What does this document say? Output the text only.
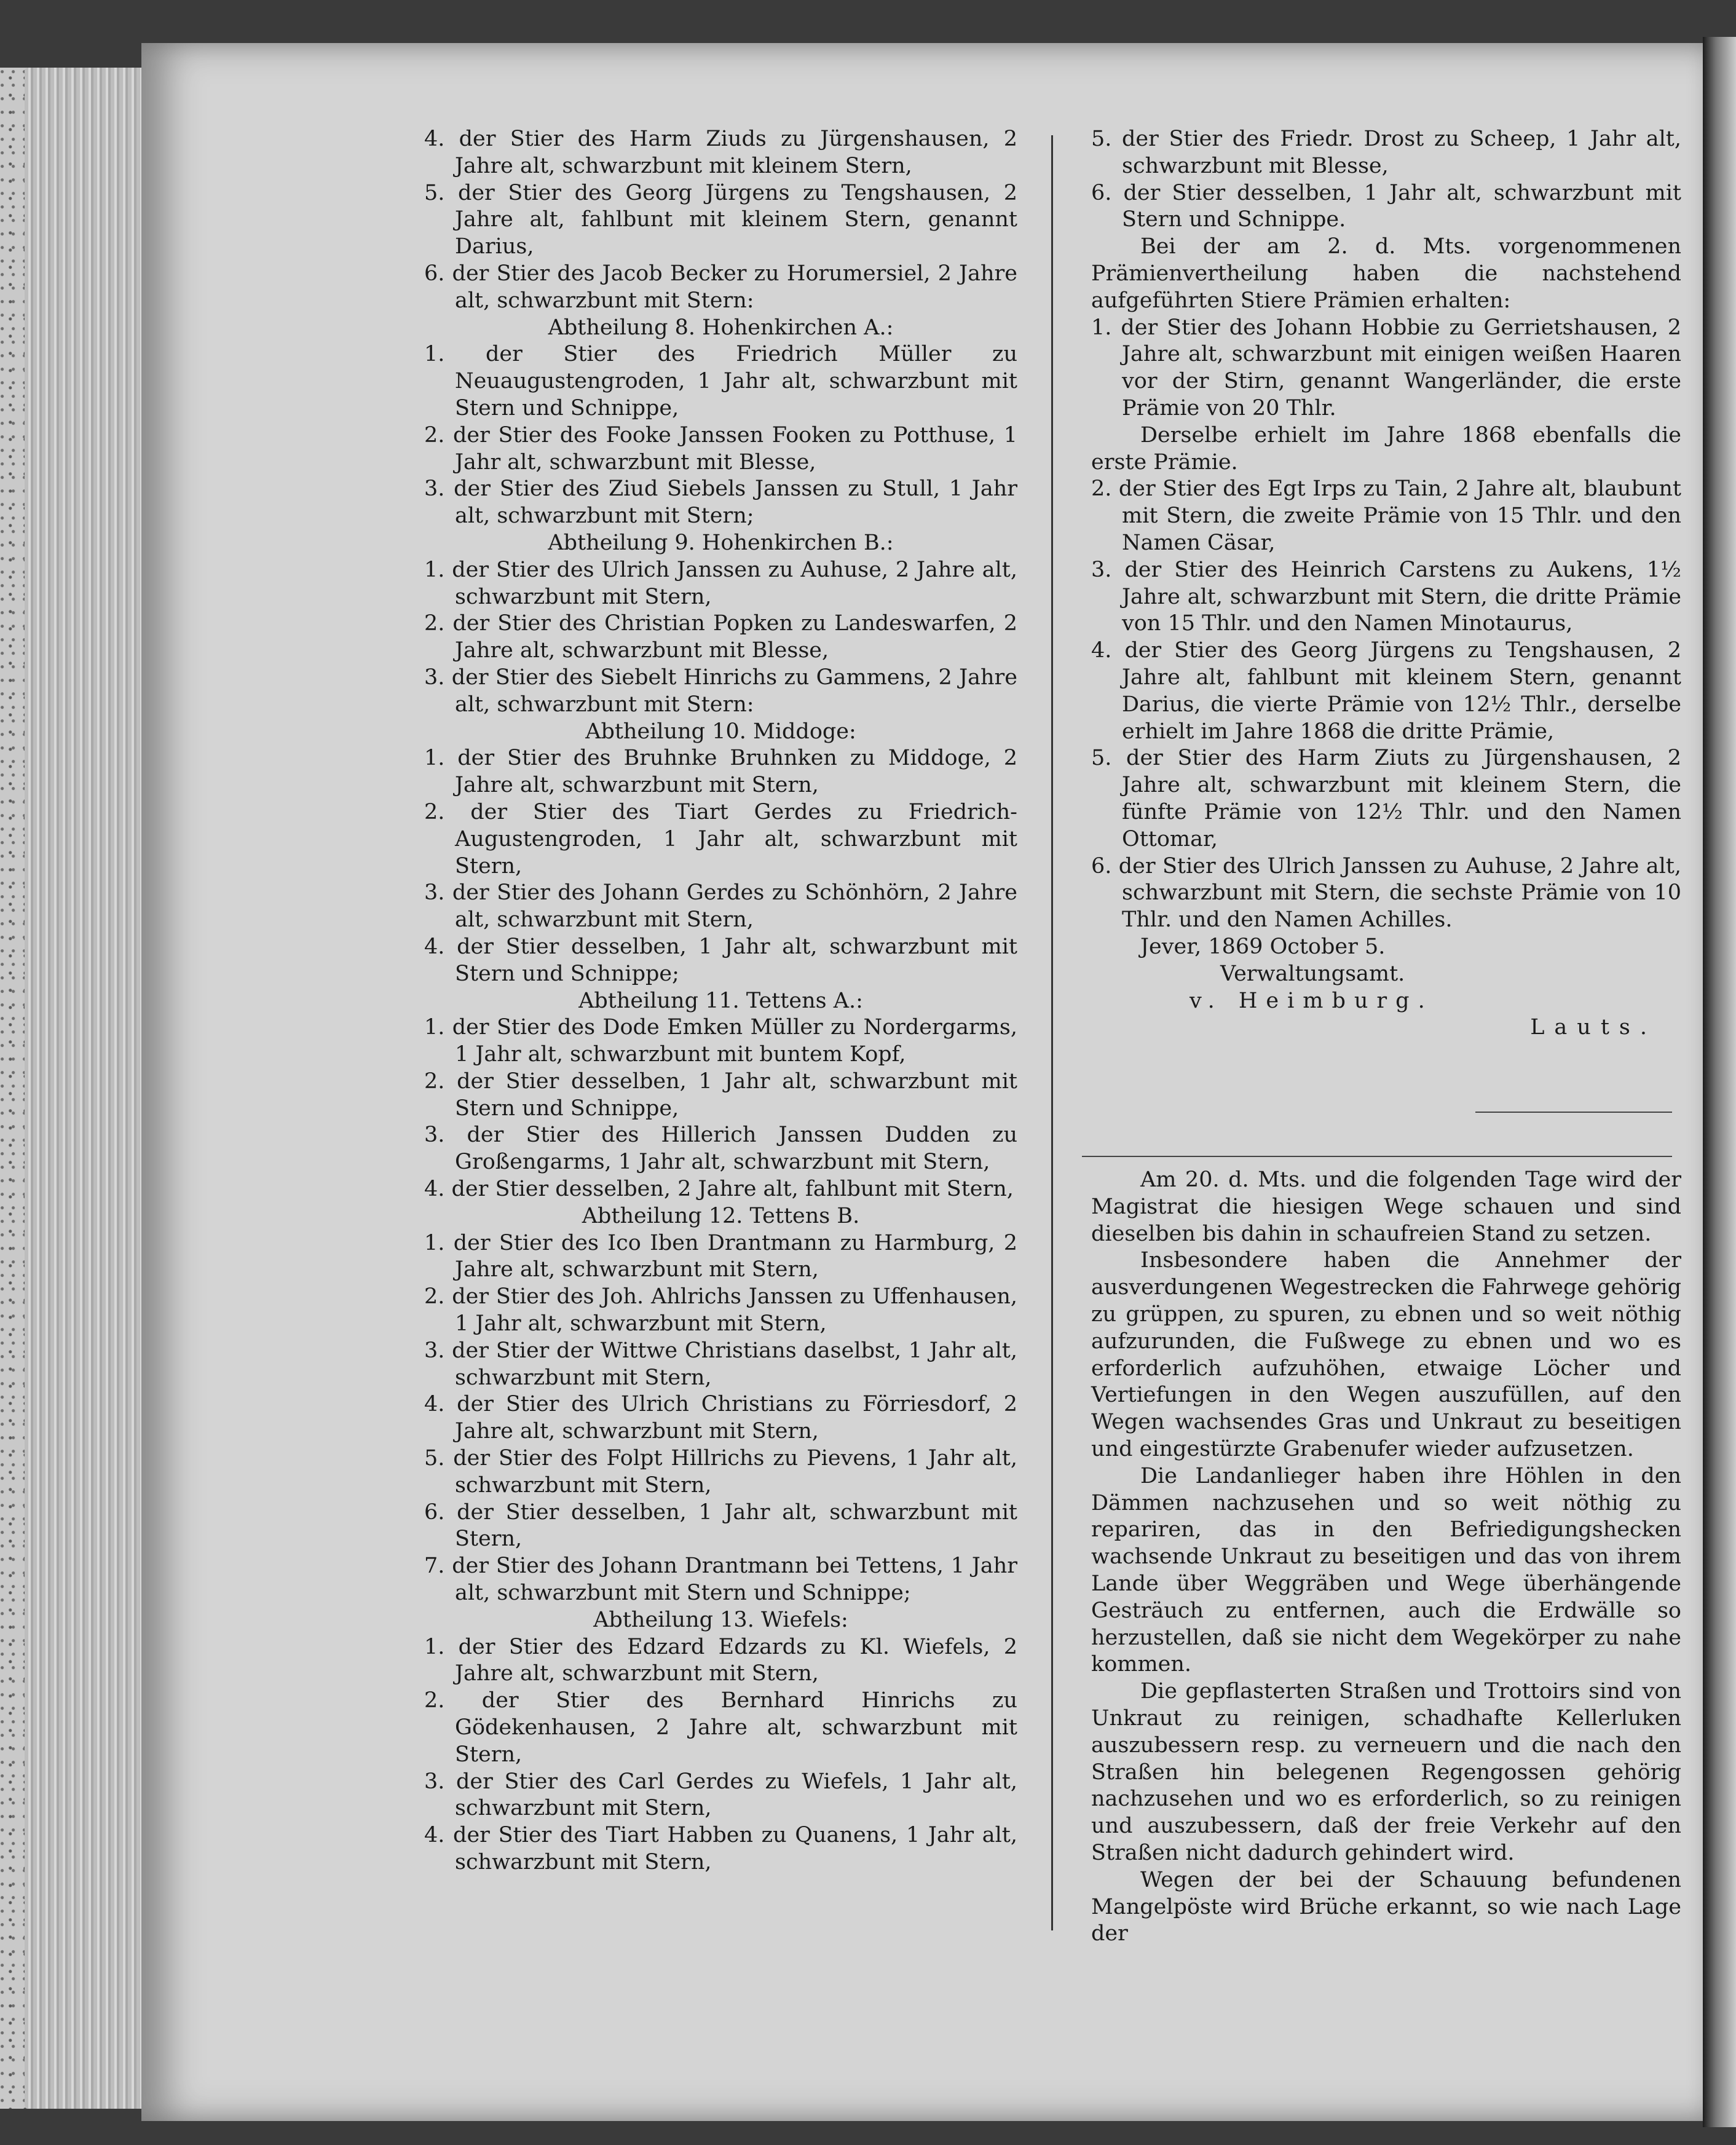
4. der Stier des Harm Ziuds zu Jürgenshausen, 2 Jahre alt, schwarzbunt mit kleinem Stern,

5. der Stier des Georg Jürgens zu Tengshausen, 2 Jahre alt, fahlbunt mit kleinem Stern, genannt Darius,

6. der Stier des Jacob Becker zu Horumersiel, 2 Jahre alt, schwarzbunt mit Stern:

Abtheilung 8. Hohenkirchen A.:

1. der Stier des Friedrich Müller zu Neuaugustengroden, 1 Jahr alt, schwarzbunt mit Stern und Schnippe,

2. der Stier des Fooke Janssen Fooken zu Potthuse, 1 Jahr alt, schwarzbunt mit Blesse,

3. der Stier des Ziud Siebels Janssen zu Stull, 1 Jahr alt, schwarzbunt mit Stern;

Abtheilung 9. Hohenkirchen B.:

1. der Stier des Ulrich Janssen zu Auhuse, 2 Jahre alt, schwarzbunt mit Stern,

2. der Stier des Christian Popken zu Landeswarfen, 2 Jahre alt, schwarzbunt mit Blesse,

3. der Stier des Siebelt Hinrichs zu Gammens, 2 Jahre alt, schwarzbunt mit Stern:

Abtheilung 10. Middoge:

1. der Stier des Bruhnke Bruhnken zu Middoge, 2 Jahre alt, schwarzbunt mit Stern,

2. der Stier des Tiart Gerdes zu Friedrich-Augustengroden, 1 Jahr alt, schwarzbunt mit Stern,

3. der Stier des Johann Gerdes zu Schönhörn, 2 Jahre alt, schwarzbunt mit Stern,

4. der Stier desselben, 1 Jahr alt, schwarzbunt mit Stern und Schnippe;

Abtheilung 11. Tettens A.:

1. der Stier des Dode Emken Müller zu Nordergarms, 1 Jahr alt, schwarzbunt mit buntem Kopf,

2. der Stier desselben, 1 Jahr alt, schwarzbunt mit Stern und Schnippe,

3. der Stier des Hillerich Janssen Dudden zu Großengarms, 1 Jahr alt, schwarzbunt mit Stern,

4. der Stier desselben, 2 Jahre alt, fahlbunt mit Stern,

Abtheilung 12. Tettens B.

1. der Stier des Ico Iben Drantmann zu Harmburg, 2 Jahre alt, schwarzbunt mit Stern,

2. der Stier des Joh. Ahlrichs Janssen zu Uffenhausen, 1 Jahr alt, schwarzbunt mit Stern,

3. der Stier der Wittwe Christians daselbst, 1 Jahr alt, schwarzbunt mit Stern,

4. der Stier des Ulrich Christians zu Förriesdorf, 2 Jahre alt, schwarzbunt mit Stern,

5. der Stier des Folpt Hillrichs zu Pievens, 1 Jahr alt, schwarzbunt mit Stern,

6. der Stier desselben, 1 Jahr alt, schwarzbunt mit Stern,

7. der Stier des Johann Drantmann bei Tettens, 1 Jahr alt, schwarzbunt mit Stern und Schnippe;

Abtheilung 13. Wiefels:

1. der Stier des Edzard Edzards zu Kl. Wiefels, 2 Jahre alt, schwarzbunt mit Stern,

2. der Stier des Bernhard Hinrichs zu Gödekenhausen, 2 Jahre alt, schwarzbunt mit Stern,

3. der Stier des Carl Gerdes zu Wiefels, 1 Jahr alt, schwarzbunt mit Stern,

4. der Stier des Tiart Habben zu Quanens, 1 Jahr alt, schwarzbunt mit Stern,

5. der Stier des Friedr. Drost zu Scheep, 1 Jahr alt, schwarzbunt mit Blesse,

6. der Stier desselben, 1 Jahr alt, schwarzbunt mit Stern und Schnippe.

Bei der am 2. d. Mts. vorgenommenen Prämienvertheilung haben die nachstehend aufgeführten Stiere Prämien erhalten:

1. der Stier des Johann Hobbie zu Gerrietshausen, 2 Jahre alt, schwarzbunt mit einigen weißen Haaren vor der Stirn, genannt Wangerländer, die erste Prämie von 20 Thlr.

Derselbe erhielt im Jahre 1868 ebenfalls die erste Prämie.

2. der Stier des Egt Irps zu Tain, 2 Jahre alt, blaubunt mit Stern, die zweite Prämie von 15 Thlr. und den Namen Cäsar,

3. der Stier des Heinrich Carstens zu Aukens, 1½ Jahre alt, schwarzbunt mit Stern, die dritte Prämie von 15 Thlr. und den Namen Minotaurus,

4. der Stier des Georg Jürgens zu Tengshausen, 2 Jahre alt, fahlbunt mit kleinem Stern, genannt Darius, die vierte Prämie von 12½ Thlr., derselbe erhielt im Jahre 1868 die dritte Prämie,

5. der Stier des Harm Ziuts zu Jürgenshausen, 2 Jahre alt, schwarzbunt mit kleinem Stern, die fünfte Prämie von 12½ Thlr. und den Namen Ottomar,

6. der Stier des Ulrich Janssen zu Auhuse, 2 Jahre alt, schwarzbunt mit Stern, die sechste Prämie von 10 Thlr. und den Namen Achilles.

Jever, 1869 October 5.

Verwaltungsamt.

v. Heimburg.

Lauts.

Am 20. d. Mts. und die folgenden Tage wird der Magistrat die hiesigen Wege schauen und sind dieselben bis dahin in schaufreien Stand zu setzen.

Insbesondere haben die Annehmer der ausverdungenen Wegestrecken die Fahrwege gehörig zu grüppen, zu spuren, zu ebnen und so weit nöthig aufzurunden, die Fußwege zu ebnen und wo es erforderlich aufzuhöhen, etwaige Löcher und Vertiefungen in den Wegen auszufüllen, auf den Wegen wachsendes Gras und Unkraut zu beseitigen und eingestürzte Grabenufer wieder aufzusetzen.

Die Landanlieger haben ihre Höhlen in den Dämmen nachzusehen und so weit nöthig zu repariren, das in den Befriedigungshecken wachsende Unkraut zu beseitigen und das von ihrem Lande über Weggräben und Wege überhängende Gesträuch zu entfernen, auch die Erdwälle so herzustellen, daß sie nicht dem Wegekörper zu nahe kommen.

Die gepflasterten Straßen und Trottoirs sind von Unkraut zu reinigen, schadhafte Kellerluken auszubessern resp. zu verneuern und die nach den Straßen hin belegenen Regengossen gehörig nachzusehen und wo es erforderlich, so zu reinigen und auszubessern, daß der freie Verkehr auf den Straßen nicht dadurch gehindert wird.

Wegen der bei der Schauung befundenen Mangelpöste wird Brüche erkannt, so wie nach Lage der
